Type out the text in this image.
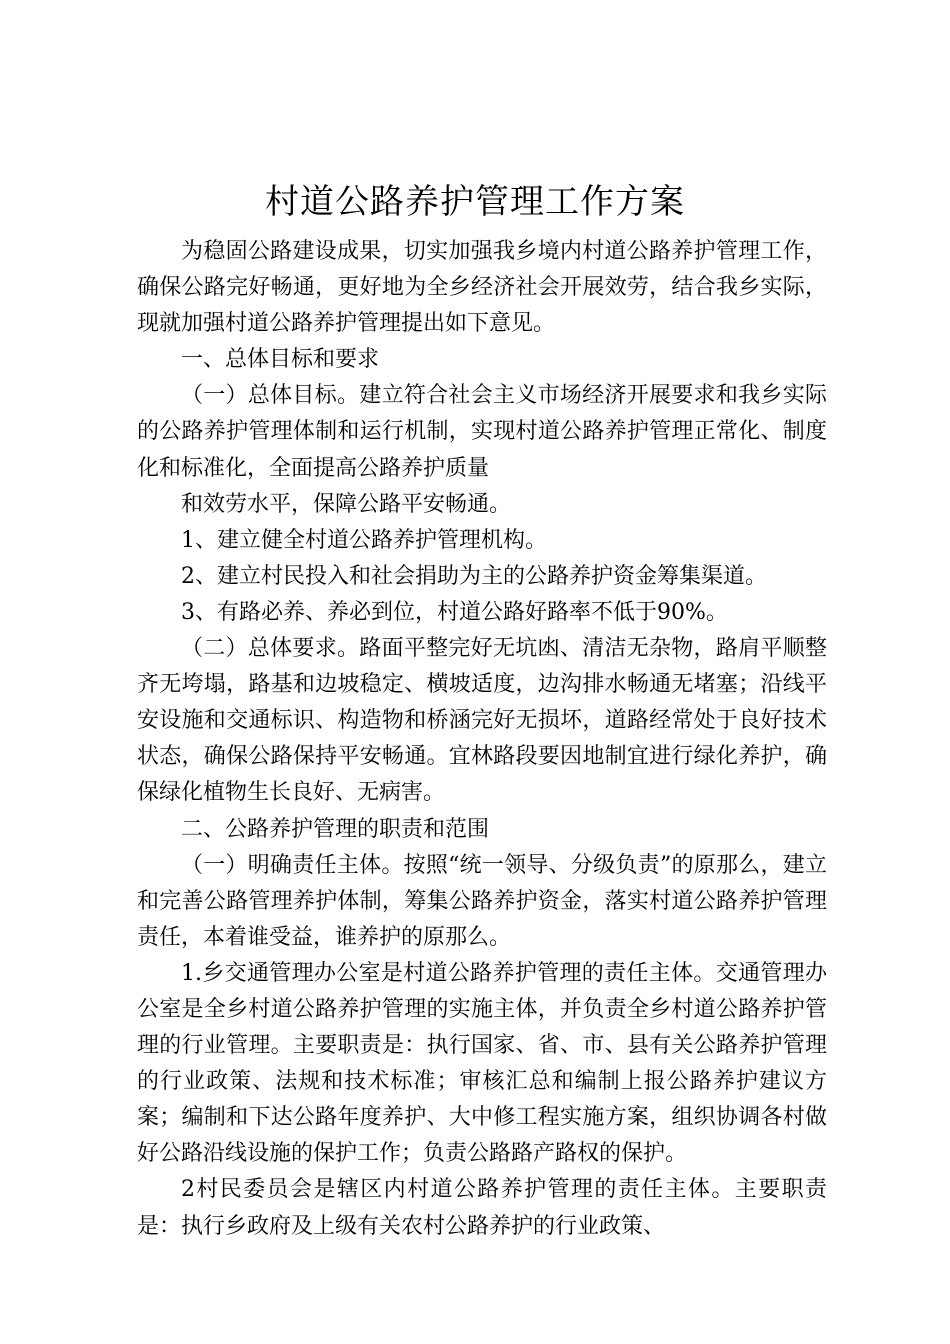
村道公路养护管理工作方案

为稳固公路建设成果，切实加强我乡境内村道公路养护管理工作，确保公路完好畅通，更好地为全乡经济社会开展效劳，结合我乡实际，现就加强村道公路养护管理提出如下意见。

一、总体目标和要求

（一）总体目标。建立符合社会主义市场经济开展要求和我乡实际的公路养护管理体制和运行机制，实现村道公路养护管理正常化、制度化和标准化，全面提高公路养护质量

和效劳水平，保障公路平安畅通。

1、建立健全村道公路养护管理机构。

2、建立村民投入和社会捐助为主的公路养护资金筹集渠道。

3、有路必养、养必到位，村道公路好路率不低于90%。

（二）总体要求。路面平整完好无坑凼、清洁无杂物，路肩平顺整齐无垮塌，路基和边坡稳定、横坡适度，边沟排水畅通无堵塞；沿线平安设施和交通标识、构造物和桥涵完好无损坏，道路经常处于良好技术状态，确保公路保持平安畅通。宜林路段要因地制宜进行绿化养护，确保绿化植物生长良好、无病害。

二、公路养护管理的职责和范围

（一）明确责任主体。按照“统一领导、分级负责”的原那么，建立和完善公路管理养护体制，筹集公路养护资金，落实村道公路养护管理责任，本着谁受益，谁养护的原那么。

1.乡交通管理办公室是村道公路养护管理的责任主体。交通管理办公室是全乡村道公路养护管理的实施主体，并负责全乡村道公路养护管理的行业管理。主要职责是：执行国家、省、市、县有关公路养护管理的行业政策、法规和技术标准；审核汇总和编制上报公路养护建议方案；编制和下达公路年度养护、大中修工程实施方案，组织协调各村做好公路沿线设施的保护工作；负责公路路产路权的保护。

2村民委员会是辖区内村道公路养护管理的责任主体。主要职责是：执行乡政府及上级有关农村公路养护的行业政策、
